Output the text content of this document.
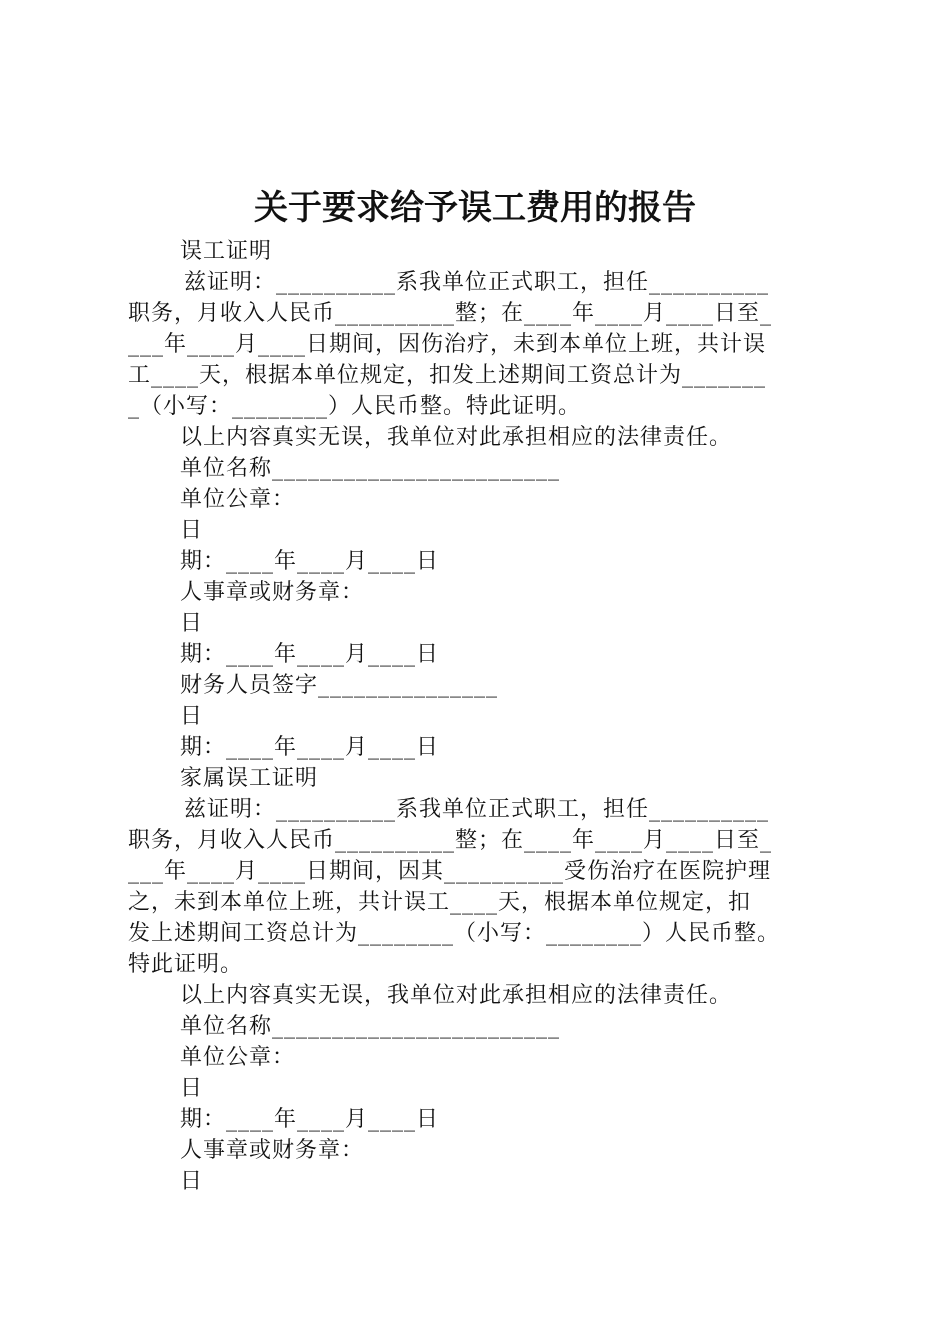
关于要求给予误工费用的报告

误工证明

兹证明：__________系我单位正式职工，担任__________

职务，月收入人民币__________整；在____年____月____日至_

___年____月____日期间，因伤治疗，未到本单位上班，共计误

工____天，根据本单位规定，扣发上述期间工资总计为_______

_（小写：________）人民币整。特此证明。

以上内容真实无误，我单位对此承担相应的法律责任。

单位名称________________________

单位公章：

日

期：____年____月____日

人事章或财务章：

日

期：____年____月____日

财务人员签字_______________

日

期：____年____月____日

家属误工证明

兹证明：__________系我单位正式职工，担任__________

职务，月收入人民币__________整；在____年____月____日至_

___年____月____日期间，因其__________受伤治疗在医院护理

之，未到本单位上班，共计误工____天，根据本单位规定，扣

发上述期间工资总计为________（小写：________）人民币整。

特此证明。

以上内容真实无误，我单位对此承担相应的法律责任。

单位名称________________________

单位公章：

日

期：____年____月____日

人事章或财务章：

日
